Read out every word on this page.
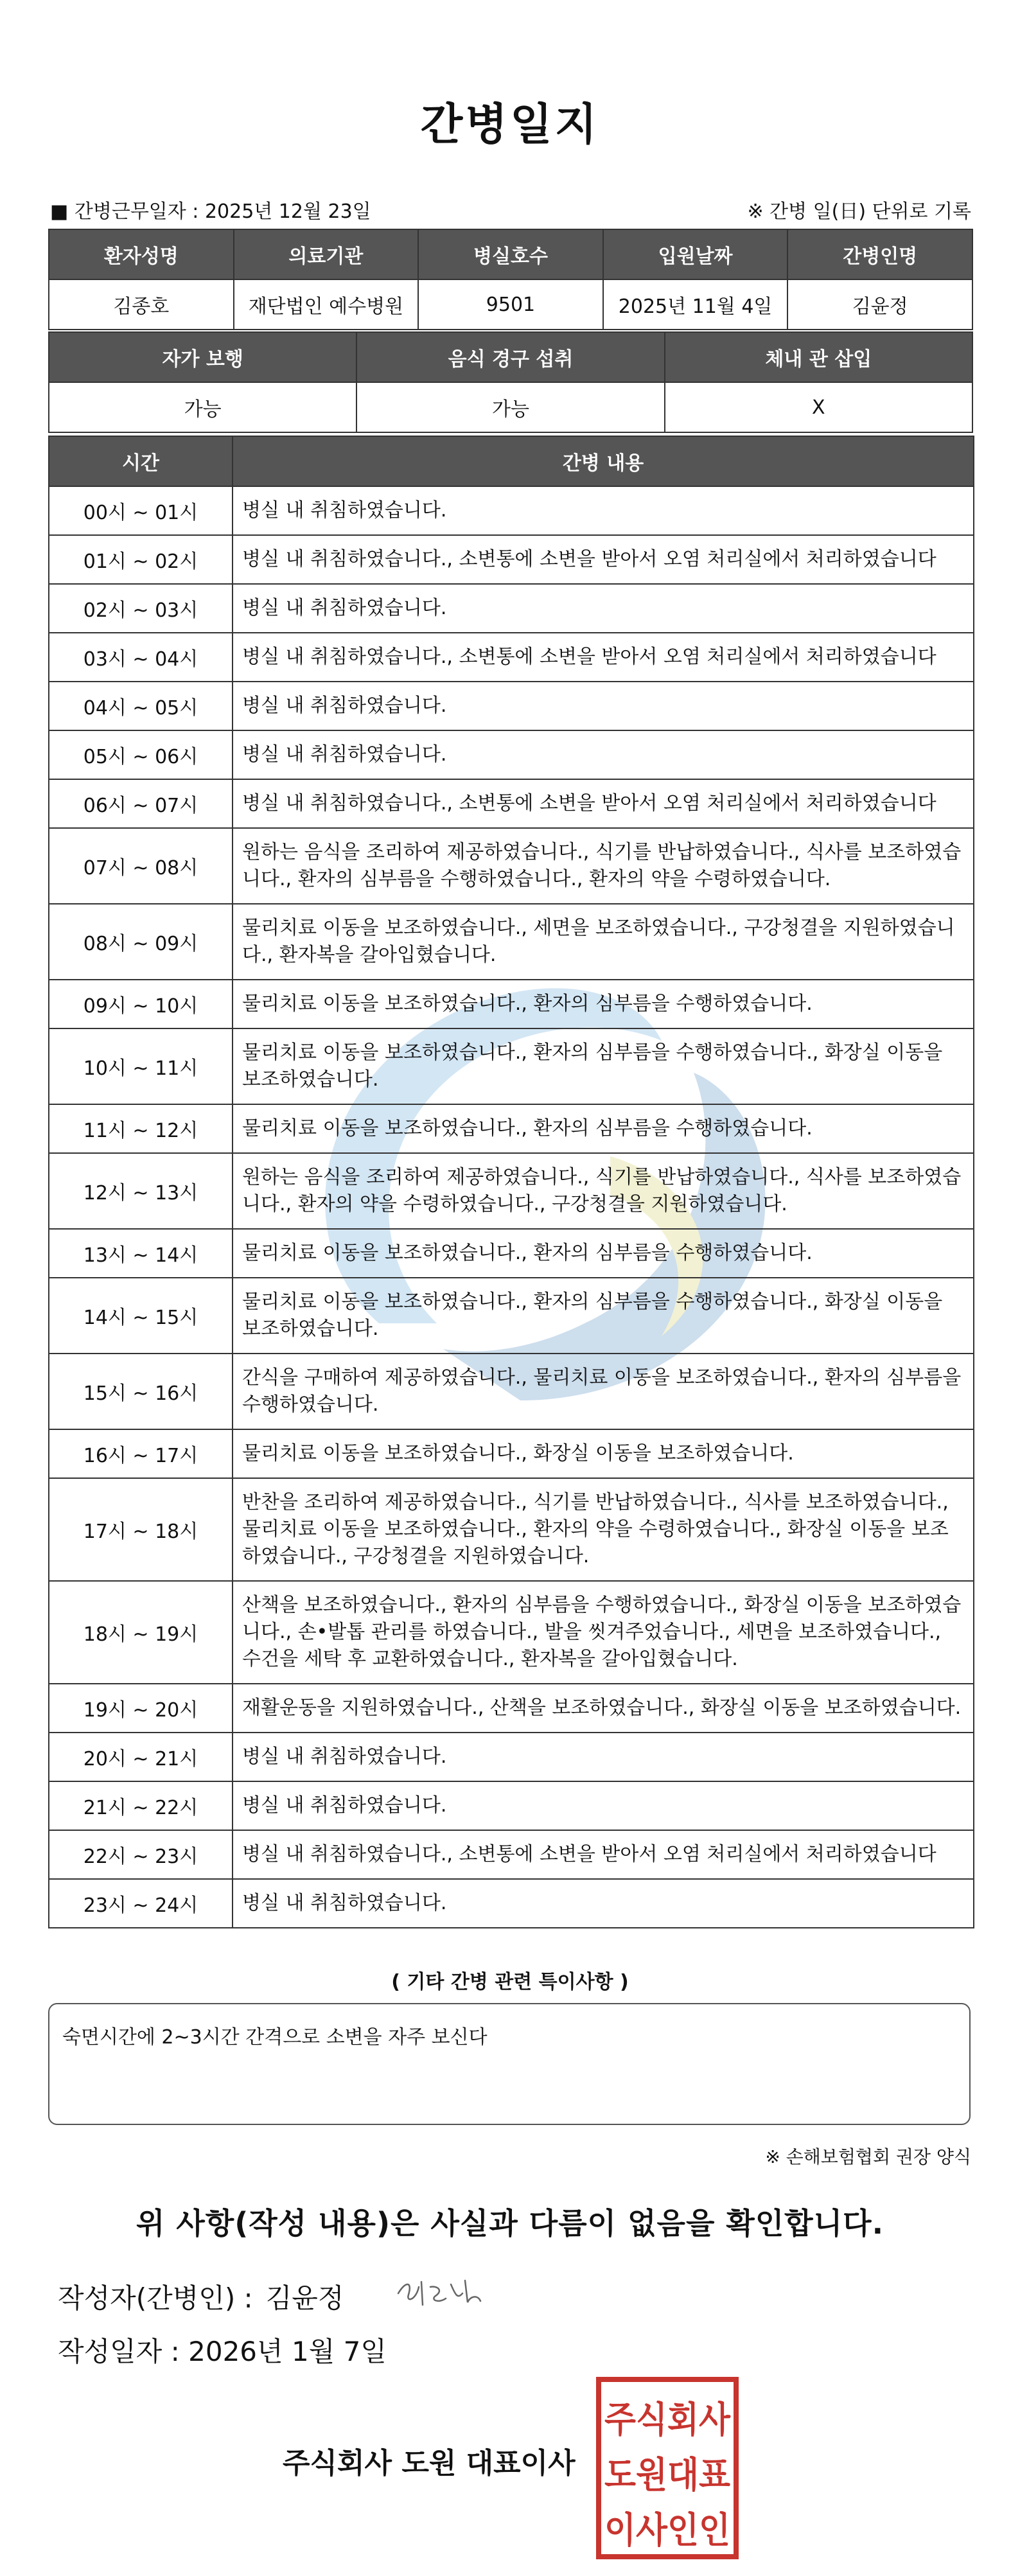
간병일지
■ 간병근무일자 : 2025년 12월 23일	※ 간병 일(日) 단위로 기록
환자성명	의료기관	병실호수	입원날짜	간병인명
김종호	재단법인 예수병원	9501	2025년 11월 4일	김윤정
자가 보행	음식 경구 섭취	체내 관 삽입
가능	가능	X
시간	간병 내용
00시 ~ 01시	병실 내 취침하였습니다.
01시 ~ 02시	병실 내 취침하였습니다., 소변통에 소변을 받아서 오염 처리실에서 처리하였습니다
02시 ~ 03시	병실 내 취침하였습니다.
03시 ~ 04시	병실 내 취침하였습니다., 소변통에 소변을 받아서 오염 처리실에서 처리하였습니다
04시 ~ 05시	병실 내 취침하였습니다.
05시 ~ 06시	병실 내 취침하였습니다.
06시 ~ 07시	병실 내 취침하였습니다., 소변통에 소변을 받아서 오염 처리실에서 처리하였습니다
07시 ~ 08시	원하는 음식을 조리하여 제공하였습니다., 식기를 반납하였습니다., 식사를 보조하였습니다., 환자의 심부름을 수행하였습니다., 환자의 약을 수령하였습니다.
08시 ~ 09시	물리치료 이동을 보조하였습니다., 세면을 보조하였습니다., 구강청결을 지원하였습니다., 환자복을 갈아입혔습니다.
09시 ~ 10시	물리치료 이동을 보조하였습니다., 환자의 심부름을 수행하였습니다.
10시 ~ 11시	물리치료 이동을 보조하였습니다., 환자의 심부름을 수행하였습니다., 화장실 이동을 보조하였습니다.
11시 ~ 12시	물리치료 이동을 보조하였습니다., 환자의 심부름을 수행하였습니다.
12시 ~ 13시	원하는 음식을 조리하여 제공하였습니다., 식기를 반납하였습니다., 식사를 보조하였습니다., 환자의 약을 수령하였습니다., 구강청결을 지원하였습니다.
13시 ~ 14시	물리치료 이동을 보조하였습니다., 환자의 심부름을 수행하였습니다.
14시 ~ 15시	물리치료 이동을 보조하였습니다., 환자의 심부름을 수행하였습니다., 화장실 이동을 보조하였습니다.
15시 ~ 16시	간식을 구매하여 제공하였습니다., 물리치료 이동을 보조하였습니다., 환자의 심부름을 수행하였습니다.
16시 ~ 17시	물리치료 이동을 보조하였습니다., 화장실 이동을 보조하였습니다.
17시 ~ 18시	반찬을 조리하여 제공하였습니다., 식기를 반납하였습니다., 식사를 보조하였습니다., 물리치료 이동을 보조하였습니다., 환자의 약을 수령하였습니다., 화장실 이동을 보조하였습니다., 구강청결을 지원하였습니다.
18시 ~ 19시	산책을 보조하였습니다., 환자의 심부름을 수행하였습니다., 화장실 이동을 보조하였습니다., 손•발톱 관리를 하였습니다., 발을 씻겨주었습니다., 세면을 보조하였습니다., 수건을 세탁 후 교환하였습니다., 환자복을 갈아입혔습니다.
19시 ~ 20시	재활운동을 지원하였습니다., 산책을 보조하였습니다., 화장실 이동을 보조하였습니다.
20시 ~ 21시	병실 내 취침하였습니다.
21시 ~ 22시	병실 내 취침하였습니다.
22시 ~ 23시	병실 내 취침하였습니다., 소변통에 소변을 받아서 오염 처리실에서 처리하였습니다
23시 ~ 24시	병실 내 취침하였습니다.
( 기타 간병 관련 특이사항 )
숙면시간에 2~3시간 간격으로 소변을 자주 보신다
※ 손해보험협회 권장 양식
위 사항(작성 내용)은 사실과 다름이 없음을 확인합니다.
작성자(간병인) : 김윤정
작성일자 : 2026년 1월 7일
주식회사 도원 대표이사
주식회사
도원대표
이사인인
